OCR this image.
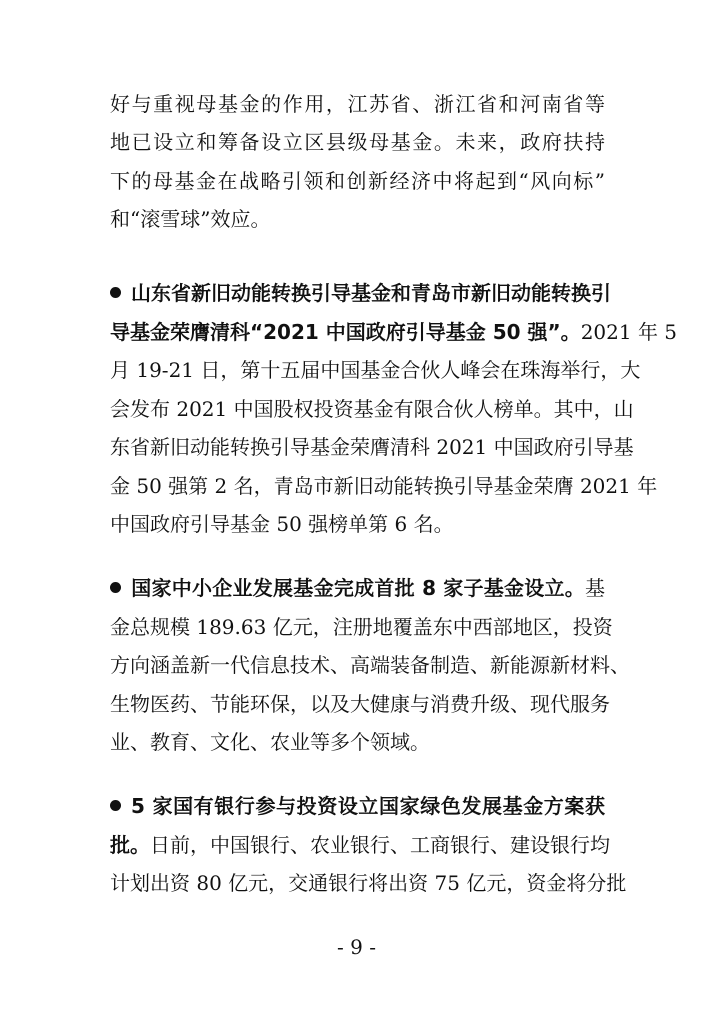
好与重视母基金的作用，江苏省、浙江省和河南省等
地已设立和筹备设立区县级母基金。未来，政府扶持
下的母基金在战略引领和创新经济中将起到“风向标”
和“滚雪球”效应。
山东省新旧动能转换引导基金和青岛市新旧动能转换引
导基金荣膺清科“2021 中国政府引导基金 50 强”。2021 年 5
月 19-21 日，第十五届中国基金合伙人峰会在珠海举行，大
会发布 2021 中国股权投资基金有限合伙人榜单。其中，山
东省新旧动能转换引导基金荣膺清科 2021 中国政府引导基
金 50 强第 2 名，青岛市新旧动能转换引导基金荣膺 2021 年
中国政府引导基金 50 强榜单第 6 名。
国家中小企业发展基金完成首批 8 家子基金设立。基
金总规模 189.63 亿元，注册地覆盖东中西部地区，投资
方向涵盖新一代信息技术、高端装备制造、新能源新材料、
生物医药、节能环保，以及大健康与消费升级、现代服务
业、教育、文化、农业等多个领域。
5 家国有银行参与投资设立国家绿色发展基金方案获
批。日前，中国银行、农业银行、工商银行、建设银行均
计划出资 80 亿元，交通银行将出资 75 亿元，资金将分批
- 9 -
